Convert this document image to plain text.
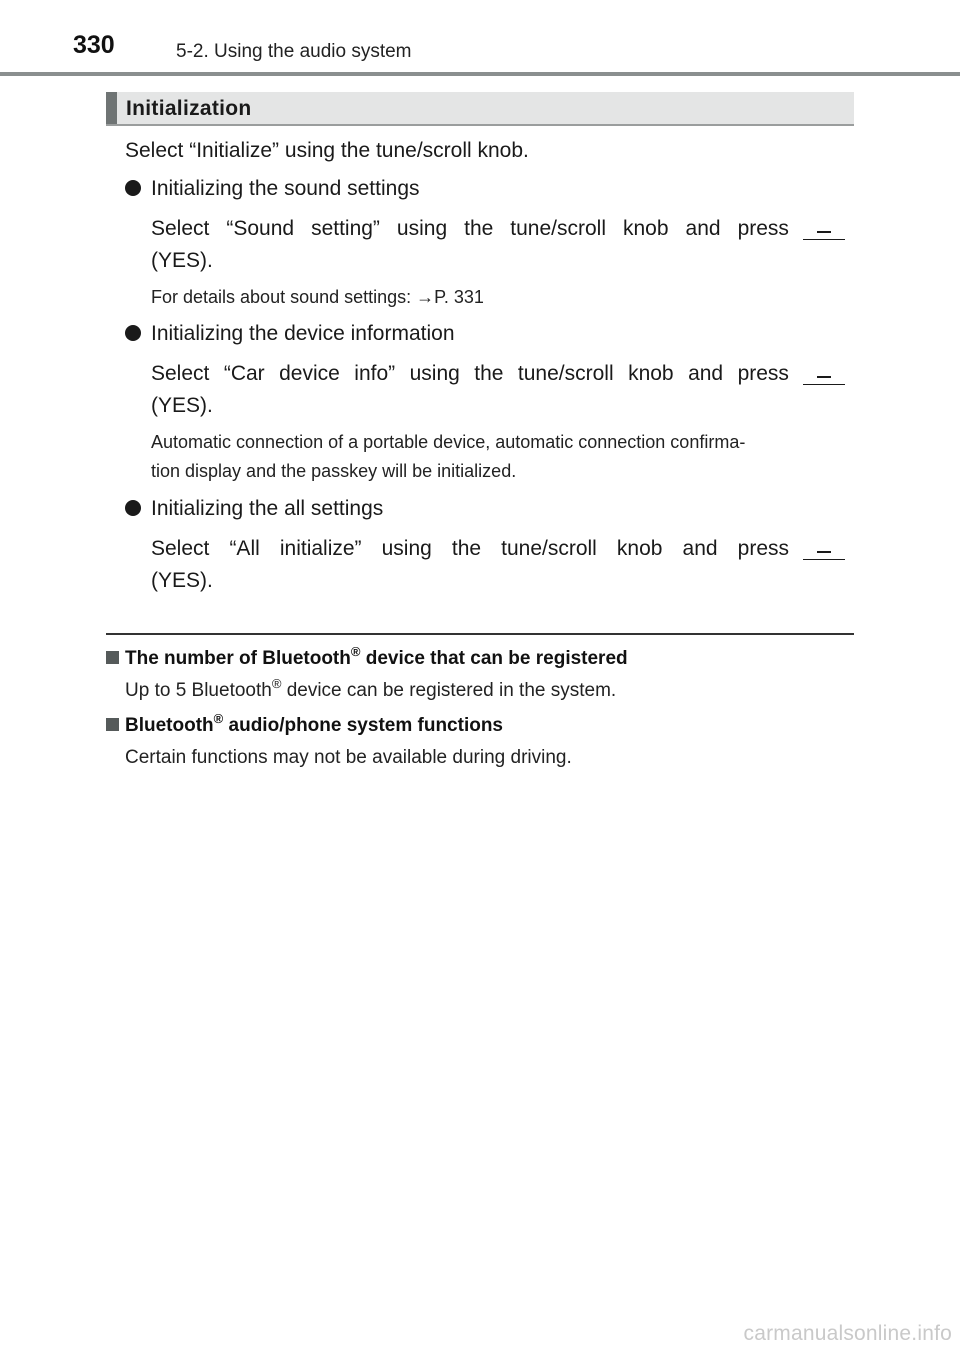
330	5-2. Using the audio system
Initialization
Select “Initialize” using the tune/scroll knob.
Initializing the sound settings
Select “Sound setting” using the tune/scroll knob and press
(YES).
For details about sound settings: →P. 331
Initializing the device information
Select “Car device info” using the tune/scroll knob and press
(YES).
Automatic connection of a portable device, automatic connection confirma-
tion display and the passkey will be initialized.
Initializing the all settings
Select “All initialize” using the tune/scroll knob and press
(YES).
The number of Bluetooth® device that can be registered
Up to 5 Bluetooth® device can be registered in the system.
Bluetooth® audio/phone system functions
Certain functions may not be available during driving.
carmanualsonline.info
